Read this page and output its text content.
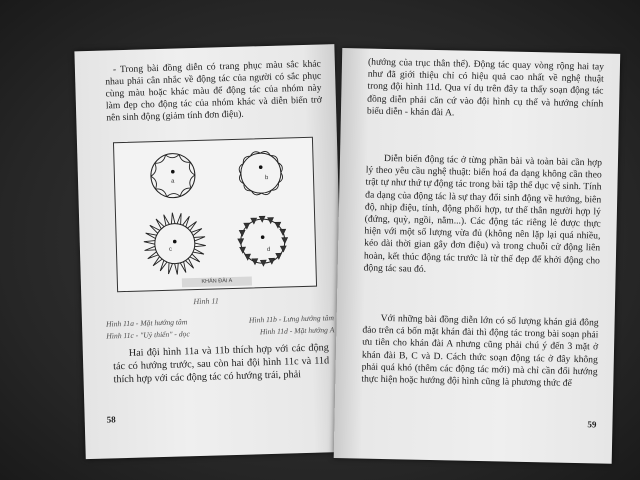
- Trong bài đồng diễn có trang phục màu sắc khác nhau phải cân nhắc về động tác của người có sắc phục cùng màu hoặc khác màu để động tác của nhóm này làm đẹp cho động tác của nhóm khác và diễn biến trở nên sinh động (giảm tính đơn điệu).

a
b
c	d
KHÁN ĐÀI A
Hình 11
Hình 11a - Mặt hướng tâm	Hình 11b - Lưng hướng tâm
Hình 11c - "Uỷ thiến" - dọc	Hình 11d - Mặt hướng A

Hai đội hình 11a và 11b thích hợp với các động tác có hướng trước, sau còn hai đội hình 11c và 11d thích hợp với các động tác có hướng trái, phải

58

(hướng của trục thân thể). Động tác quay vòng rộng hai tay như đã giới thiệu chỉ có hiệu quả cao nhất về nghệ thuật trong đội hình 11d. Qua ví dụ trên đây ta thấy soạn động tác đồng diễn phải căn cứ vào đội hình cụ thể và hướng chính biểu diễn - khán đài A.

Diễn biến động tác ở từng phần bài và toàn bài cần hợp lý theo yêu cầu nghệ thuật: biến hoá đa dạng không cần theo trật tự như thứ tự động tác trong bài tập thể dục vệ sinh. Tính đa dạng của động tác là sự thay đổi sinh động về hướng, biên độ, nhịp điệu, tính, động phối hợp, tư thế thân người hợp lý (đứng, quỳ, ngồi, nằm...). Các động tác riêng lẻ được thực hiện với một số lượng vừa đủ (không nên lặp lại quá nhiều, kéo dài thời gian gây đơn điệu) và trong chuỗi cử động liên hoàn, kết thúc động tác trước là từ thế đẹp để khởi động cho động tác sau đó.

Với những bài đồng diễn lớn có số lượng khán giả đông đảo trên cả bốn mặt khán đài thì động tác trong bài soạn phải ưu tiên cho khán đài A nhưng cũng phải chú ý đến 3 mặt ở khán đài B, C và D. Cách thức soạn động tác ở đây không phải quá khó (thêm các động tác mới) mà chỉ cần đổi hướng thực hiện hoặc hướng đội hình cũng là phương thức để

59
